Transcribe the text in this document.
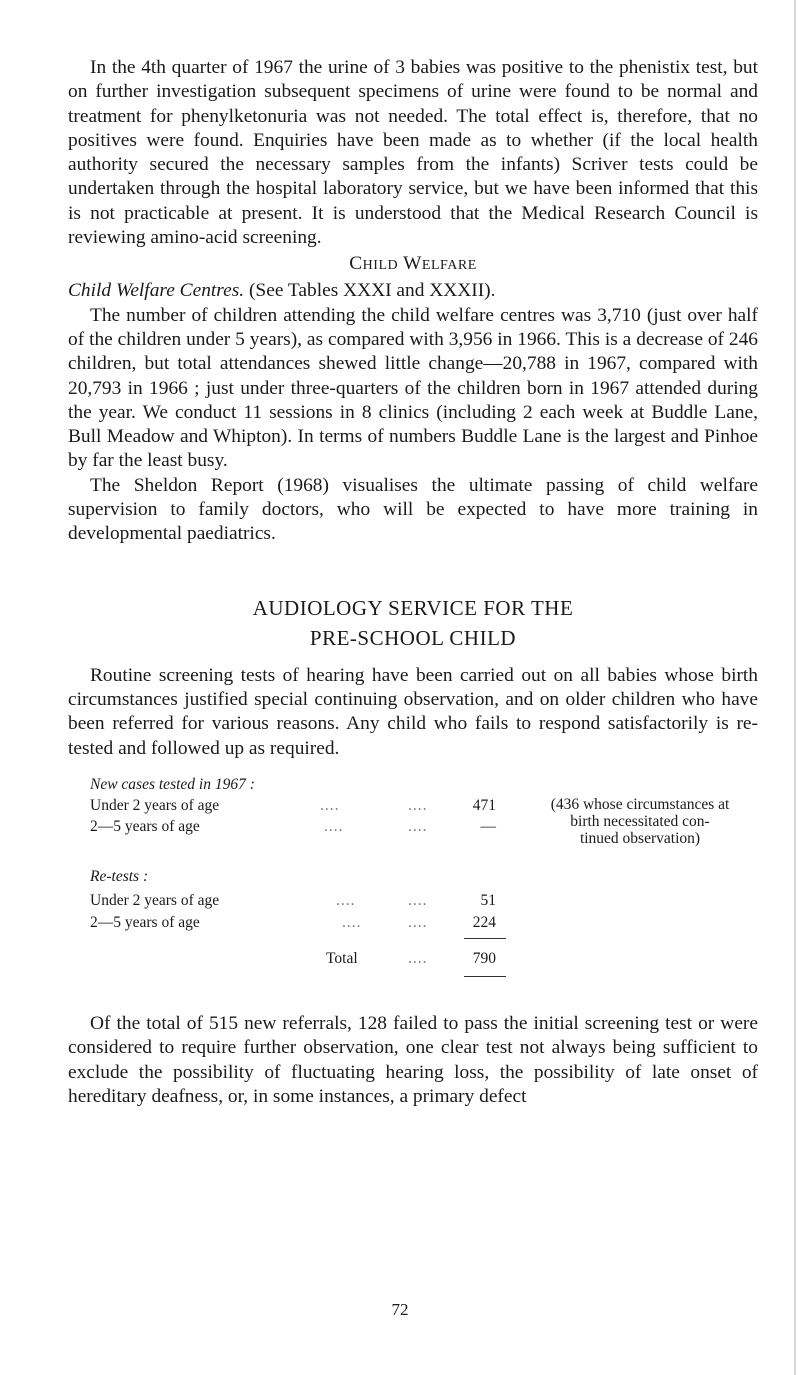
In the 4th quarter of 1967 the urine of 3 babies was positive to the phenistix test, but on further investigation subsequent specimens of urine were found to be normal and treatment for phenylketonuria was not needed. The total effect is, therefore, that no positives were found. Enquiries have been made as to whether (if the local health authority secured the necessary samples from the infants) Scriver tests could be undertaken through the hospital laboratory service, but we have been informed that this is not practicable at present. It is understood that the Medical Research Council is reviewing amino-acid screening.

Child Welfare

Child Welfare Centres. (See Tables XXXI and XXXII).

The number of children attending the child welfare centres was 3,710 (just over half of the children under 5 years), as compared with 3,956 in 1966. This is a decrease of 246 children, but total attendances shewed little change—20,788 in 1967, compared with 20,793 in 1966 ; just under three-quarters of the children born in 1967 attended during the year. We conduct 11 sessions in 8 clinics (including 2 each week at Buddle Lane, Bull Meadow and Whipton). In terms of numbers Buddle Lane is the largest and Pinhoe by far the least busy.

The Sheldon Report (1968) visualises the ultimate passing of child welfare supervision to family doctors, who will be expected to have more training in developmental paediatrics.

AUDIOLOGY SERVICE FOR THE
PRE-SCHOOL CHILD

Routine screening tests of hearing have been carried out on all babies whose birth circumstances justified special continuing observation, and on older children who have been referred for various reasons. Any child who fails to respond satisfactorily is re-tested and followed up as required.

New cases tested in 1967 :
Under 2 years of age	....	....	471	(436 whose circumstances at
birth necessitated con-
tinued observation)
2—5 years of age	....	....	—
Re-tests :
Under 2 years of age	....	....	51
2—5 years of age	....	....	224
Total	....	790

Of the total of 515 new referrals, 128 failed to pass the initial screening test or were considered to require further observation, one clear test not always being sufficient to exclude the possibility of fluctuating hearing loss, the possibility of late onset of hereditary deafness, or, in some instances, a primary defect

72
